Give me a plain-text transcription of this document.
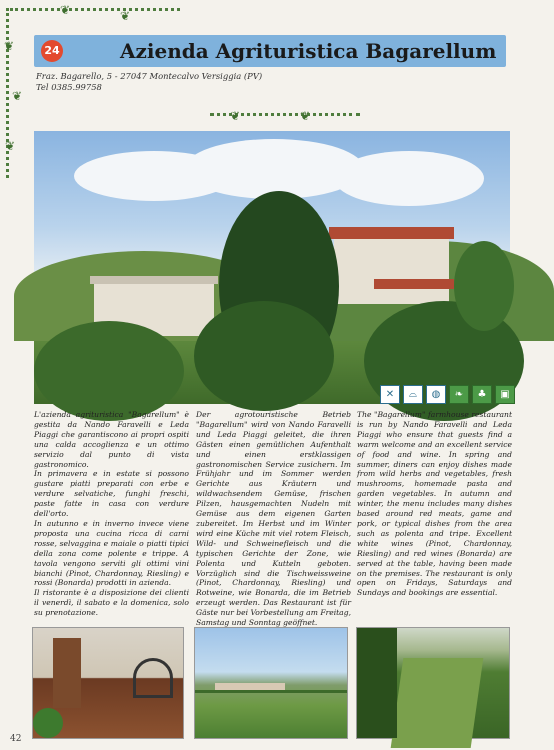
❦
❦
❦
❦	❦
24	Azienda Agrituristica Bagarellum
Fraz. Bagarello, 5 - 27047 Montecalvo Versiggia (PV)
Tel 0385.99758
❦	❦
✕	⌓	◍	❧	♣	▣

L'azienda agrituristica "Bagarellum" è gestita da Nando Faravelli e Leda Piaggi che garantiscono ai propri ospiti una calda accoglienza e un ottimo servizio dal punto di vista gastronomico.

In primavera e in estate si possono gustare piatti preparati con erbe e verdure selvatiche, funghi freschi, paste fatte in casa con verdure dell'orto.

In autunno e in inverno invece viene proposta una cucina ricca di carni rosse, selvaggina e maiale o piatti tipici della zona come polente e trippe. A tavola vengono serviti gli ottimi vini bianchi (Pinot, Chardonnay, Riesling) e rossi (Bonarda) prodotti in azienda.

Il ristorante è a disposizione dei clienti il venerdì, il sabato e la domenica, solo su prenotazione.

Der agrotouristische Betrieb "Bagarellum" wird von Nando Faravelli und Leda Piaggi geleitet, die ihren Gästen einen gemütlichen Aufenthalt und einen erstklassigen gastronomischen Service zusichern. Im Frühjahr und im Sommer werden Gerichte aus Kräutern und wildwachsendem Gemüse, frischen Pilzen, hausgemachten Nudeln mit Gemüse aus dem eigenen Garten zubereitet. Im Herbst und im Winter wird eine Küche mit viel rotem Fleisch, Wild- und Schweinefleisch und die typischen Gerichte der Zone, wie Polenta und Kutteln geboten. Vorzüglich sind die Tischweissweine (Pinot, Chardonnay, Riesling) und Rotweine, wie Bonarda, die im Betrieb erzeugt werden. Das Restaurant ist für Gäste nur bei Vorbestellung am Freitag, Samstag und Sonntag geöffnet.

The "Bagarellum" farmhouse restaurant is run by Nando Faravelli and Leda Piaggi who ensure that guests find a warm welcome and an excellent service of food and wine. In spring and summer, diners can enjoy dishes made from wild herbs and vegetables, fresh mushrooms, homemade pasta and garden vegetables. In autumn and winter, the menu includes many dishes based around red meats, game and pork, or typical dishes from the area such as polenta and tripe. Excellent white wines (Pinot, Chardonnay, Riesling) and red wines (Bonarda) are served at the table, having been made on the premises. The restaurant is only open on Fridays, Saturdays and Sundays and bookings are essential.

42
